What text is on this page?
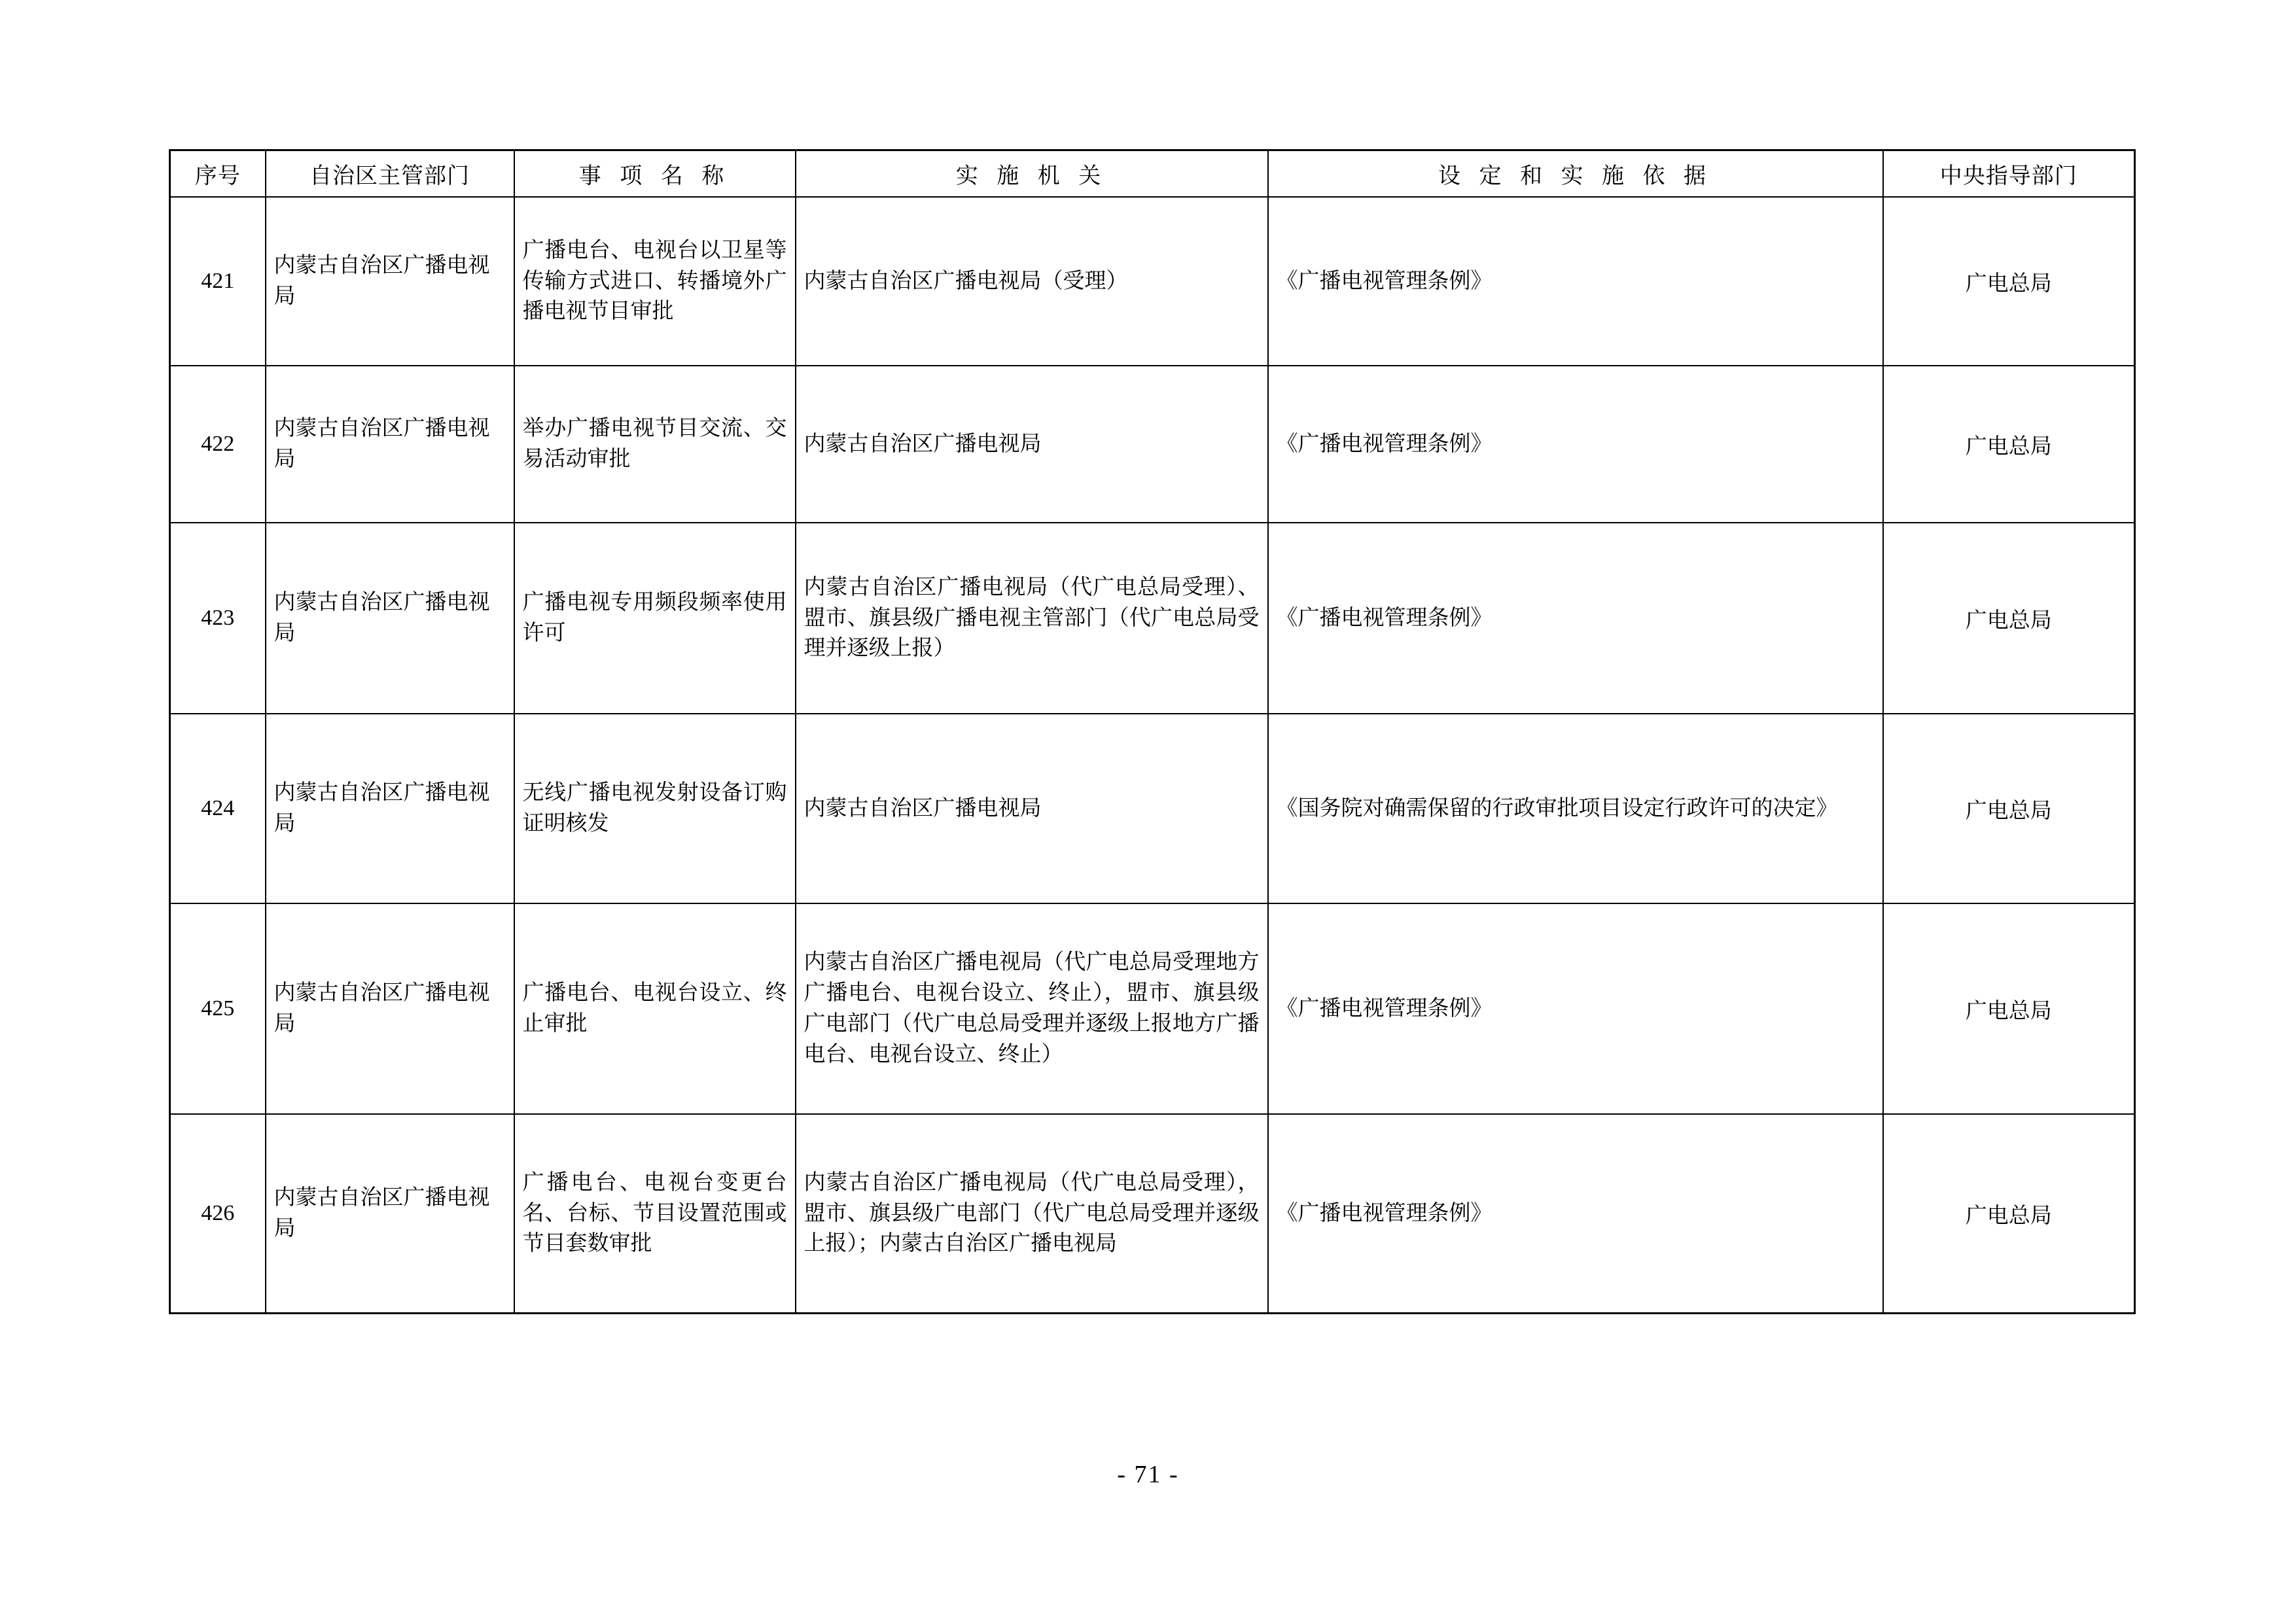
序号	自治区主管部门	事 项 名 称	实 施 机 关	设 定 和 实 施 依 据	中央指导部门
421	内蒙古自治区广播电视局	广播电台、电视台以卫星等传输方式进口、转播境外广播电视节目审批	内蒙古自治区广播电视局（受理）	《广播电视管理条例》	广电总局
422	内蒙古自治区广播电视局	举办广播电视节目交流、交易活动审批	内蒙古自治区广播电视局	《广播电视管理条例》	广电总局
423	内蒙古自治区广播电视局	广播电视专用频段频率使用许可	内蒙古自治区广播电视局（代广电总局受理）、盟市、旗县级广播电视主管部门（代广电总局受理并逐级上报）	《广播电视管理条例》	广电总局
424	内蒙古自治区广播电视局	无线广播电视发射设备订购证明核发	内蒙古自治区广播电视局	《国务院对确需保留的行政审批项目设定行政许可的决定》	广电总局
425	内蒙古自治区广播电视局	广播电台、电视台设立、终止审批	内蒙古自治区广播电视局（代广电总局受理地方广播电台、电视台设立、终止），盟市、旗县级广电部门（代广电总局受理并逐级上报地方广播电台、电视台设立、终止）	《广播电视管理条例》	广电总局
426	内蒙古自治区广播电视局	广播电台、电视台变更台名、台标、节目设置范围或节目套数审批	内蒙古自治区广播电视局（代广电总局受理），盟市、旗县级广电部门（代广电总局受理并逐级上报）；内蒙古自治区广播电视局	《广播电视管理条例》	广电总局
- 71 -
